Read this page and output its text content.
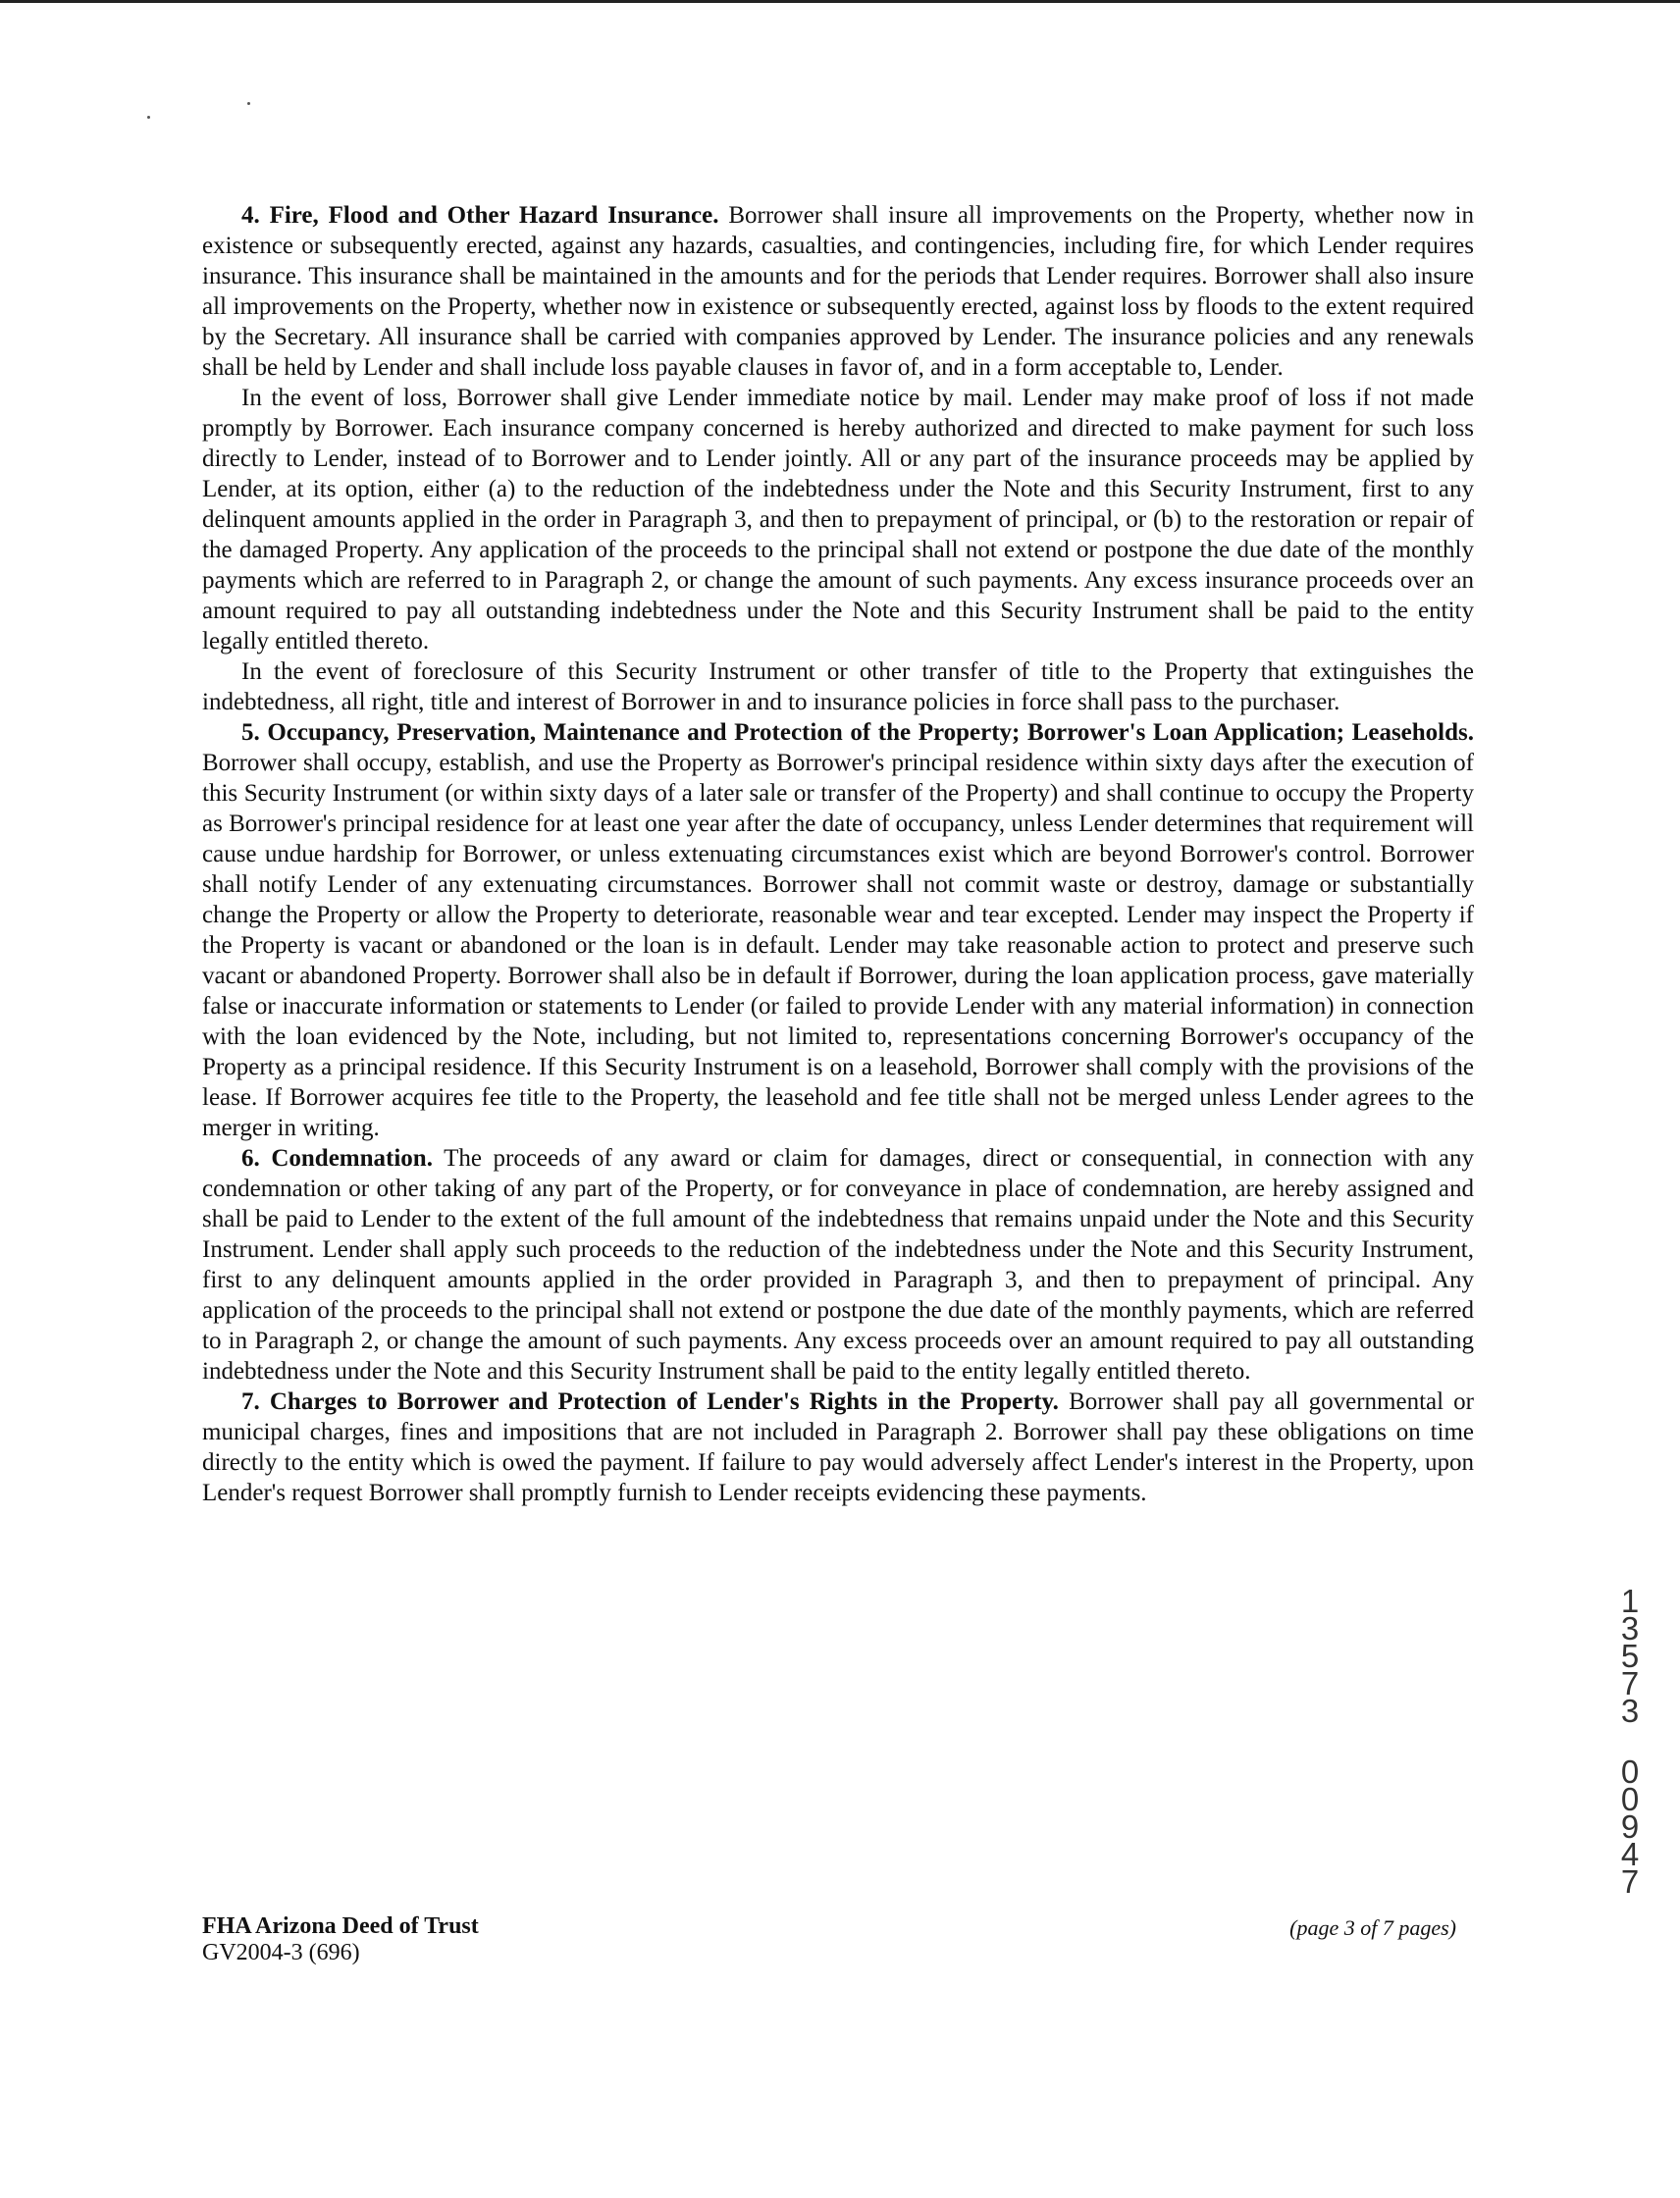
4. Fire, Flood and Other Hazard Insurance. Borrower shall insure all improvements on the Property, whether now in existence or subsequently erected, against any hazards, casualties, and contingencies, including fire, for which Lender requires insurance. This insurance shall be maintained in the amounts and for the periods that Lender requires. Borrower shall also insure all improvements on the Property, whether now in existence or subsequently erected, against loss by floods to the extent required by the Secretary. All insurance shall be carried with companies approved by Lender. The insurance policies and any renewals shall be held by Lender and shall include loss payable clauses in favor of, and in a form acceptable to, Lender.

In the event of loss, Borrower shall give Lender immediate notice by mail. Lender may make proof of loss if not made promptly by Borrower. Each insurance company concerned is hereby authorized and directed to make payment for such loss directly to Lender, instead of to Borrower and to Lender jointly. All or any part of the insurance proceeds may be applied by Lender, at its option, either (a) to the reduction of the indebtedness under the Note and this Security Instrument, first to any delinquent amounts applied in the order in Paragraph 3, and then to prepayment of principal, or (b) to the restoration or repair of the damaged Property. Any application of the proceeds to the principal shall not extend or postpone the due date of the monthly payments which are referred to in Paragraph 2, or change the amount of such payments. Any excess insurance proceeds over an amount required to pay all outstanding indebtedness under the Note and this Security Instrument shall be paid to the entity legally entitled thereto.

In the event of foreclosure of this Security Instrument or other transfer of title to the Property that extinguishes the indebtedness, all right, title and interest of Borrower in and to insurance policies in force shall pass to the purchaser.

5. Occupancy, Preservation, Maintenance and Protection of the Property; Borrower's Loan Application; Leaseholds. Borrower shall occupy, establish, and use the Property as Borrower's principal residence within sixty days after the execution of this Security Instrument (or within sixty days of a later sale or transfer of the Property) and shall continue to occupy the Property as Borrower's principal residence for at least one year after the date of occupancy, unless Lender determines that requirement will cause undue hardship for Borrower, or unless extenuating circumstances exist which are beyond Borrower's control. Borrower shall notify Lender of any extenuating circumstances. Borrower shall not commit waste or destroy, damage or substantially change the Property or allow the Property to deteriorate, reasonable wear and tear excepted. Lender may inspect the Property if the Property is vacant or abandoned or the loan is in default. Lender may take reasonable action to protect and preserve such vacant or abandoned Property. Borrower shall also be in default if Borrower, during the loan application process, gave materially false or inaccurate information or statements to Lender (or failed to provide Lender with any material information) in connection with the loan evidenced by the Note, including, but not limited to, representations concerning Borrower's occupancy of the Property as a principal residence. If this Security Instrument is on a leasehold, Borrower shall comply with the provisions of the lease. If Borrower acquires fee title to the Property, the leasehold and fee title shall not be merged unless Lender agrees to the merger in writing.

6. Condemnation. The proceeds of any award or claim for damages, direct or consequential, in connection with any condemnation or other taking of any part of the Property, or for conveyance in place of condemnation, are hereby assigned and shall be paid to Lender to the extent of the full amount of the indebtedness that remains unpaid under the Note and this Security Instrument. Lender shall apply such proceeds to the reduction of the indebtedness under the Note and this Security Instrument, first to any delinquent amounts applied in the order provided in Paragraph 3, and then to prepayment of principal. Any application of the proceeds to the principal shall not extend or postpone the due date of the monthly payments, which are referred to in Paragraph 2, or change the amount of such payments. Any excess proceeds over an amount required to pay all outstanding indebtedness under the Note and this Security Instrument shall be paid to the entity legally entitled thereto.

7. Charges to Borrower and Protection of Lender's Rights in the Property. Borrower shall pay all governmental or municipal charges, fines and impositions that are not included in Paragraph 2. Borrower shall pay these obligations on time directly to the entity which is owed the payment. If failure to pay would adversely affect Lender's interest in the Property, upon Lender's request Borrower shall promptly furnish to Lender receipts evidencing these payments.

FHA Arizona Deed of Trust
GV2004-3 (696)
(page 3 of 7 pages)
1
3
5
7
3
0
0
9
4
7
